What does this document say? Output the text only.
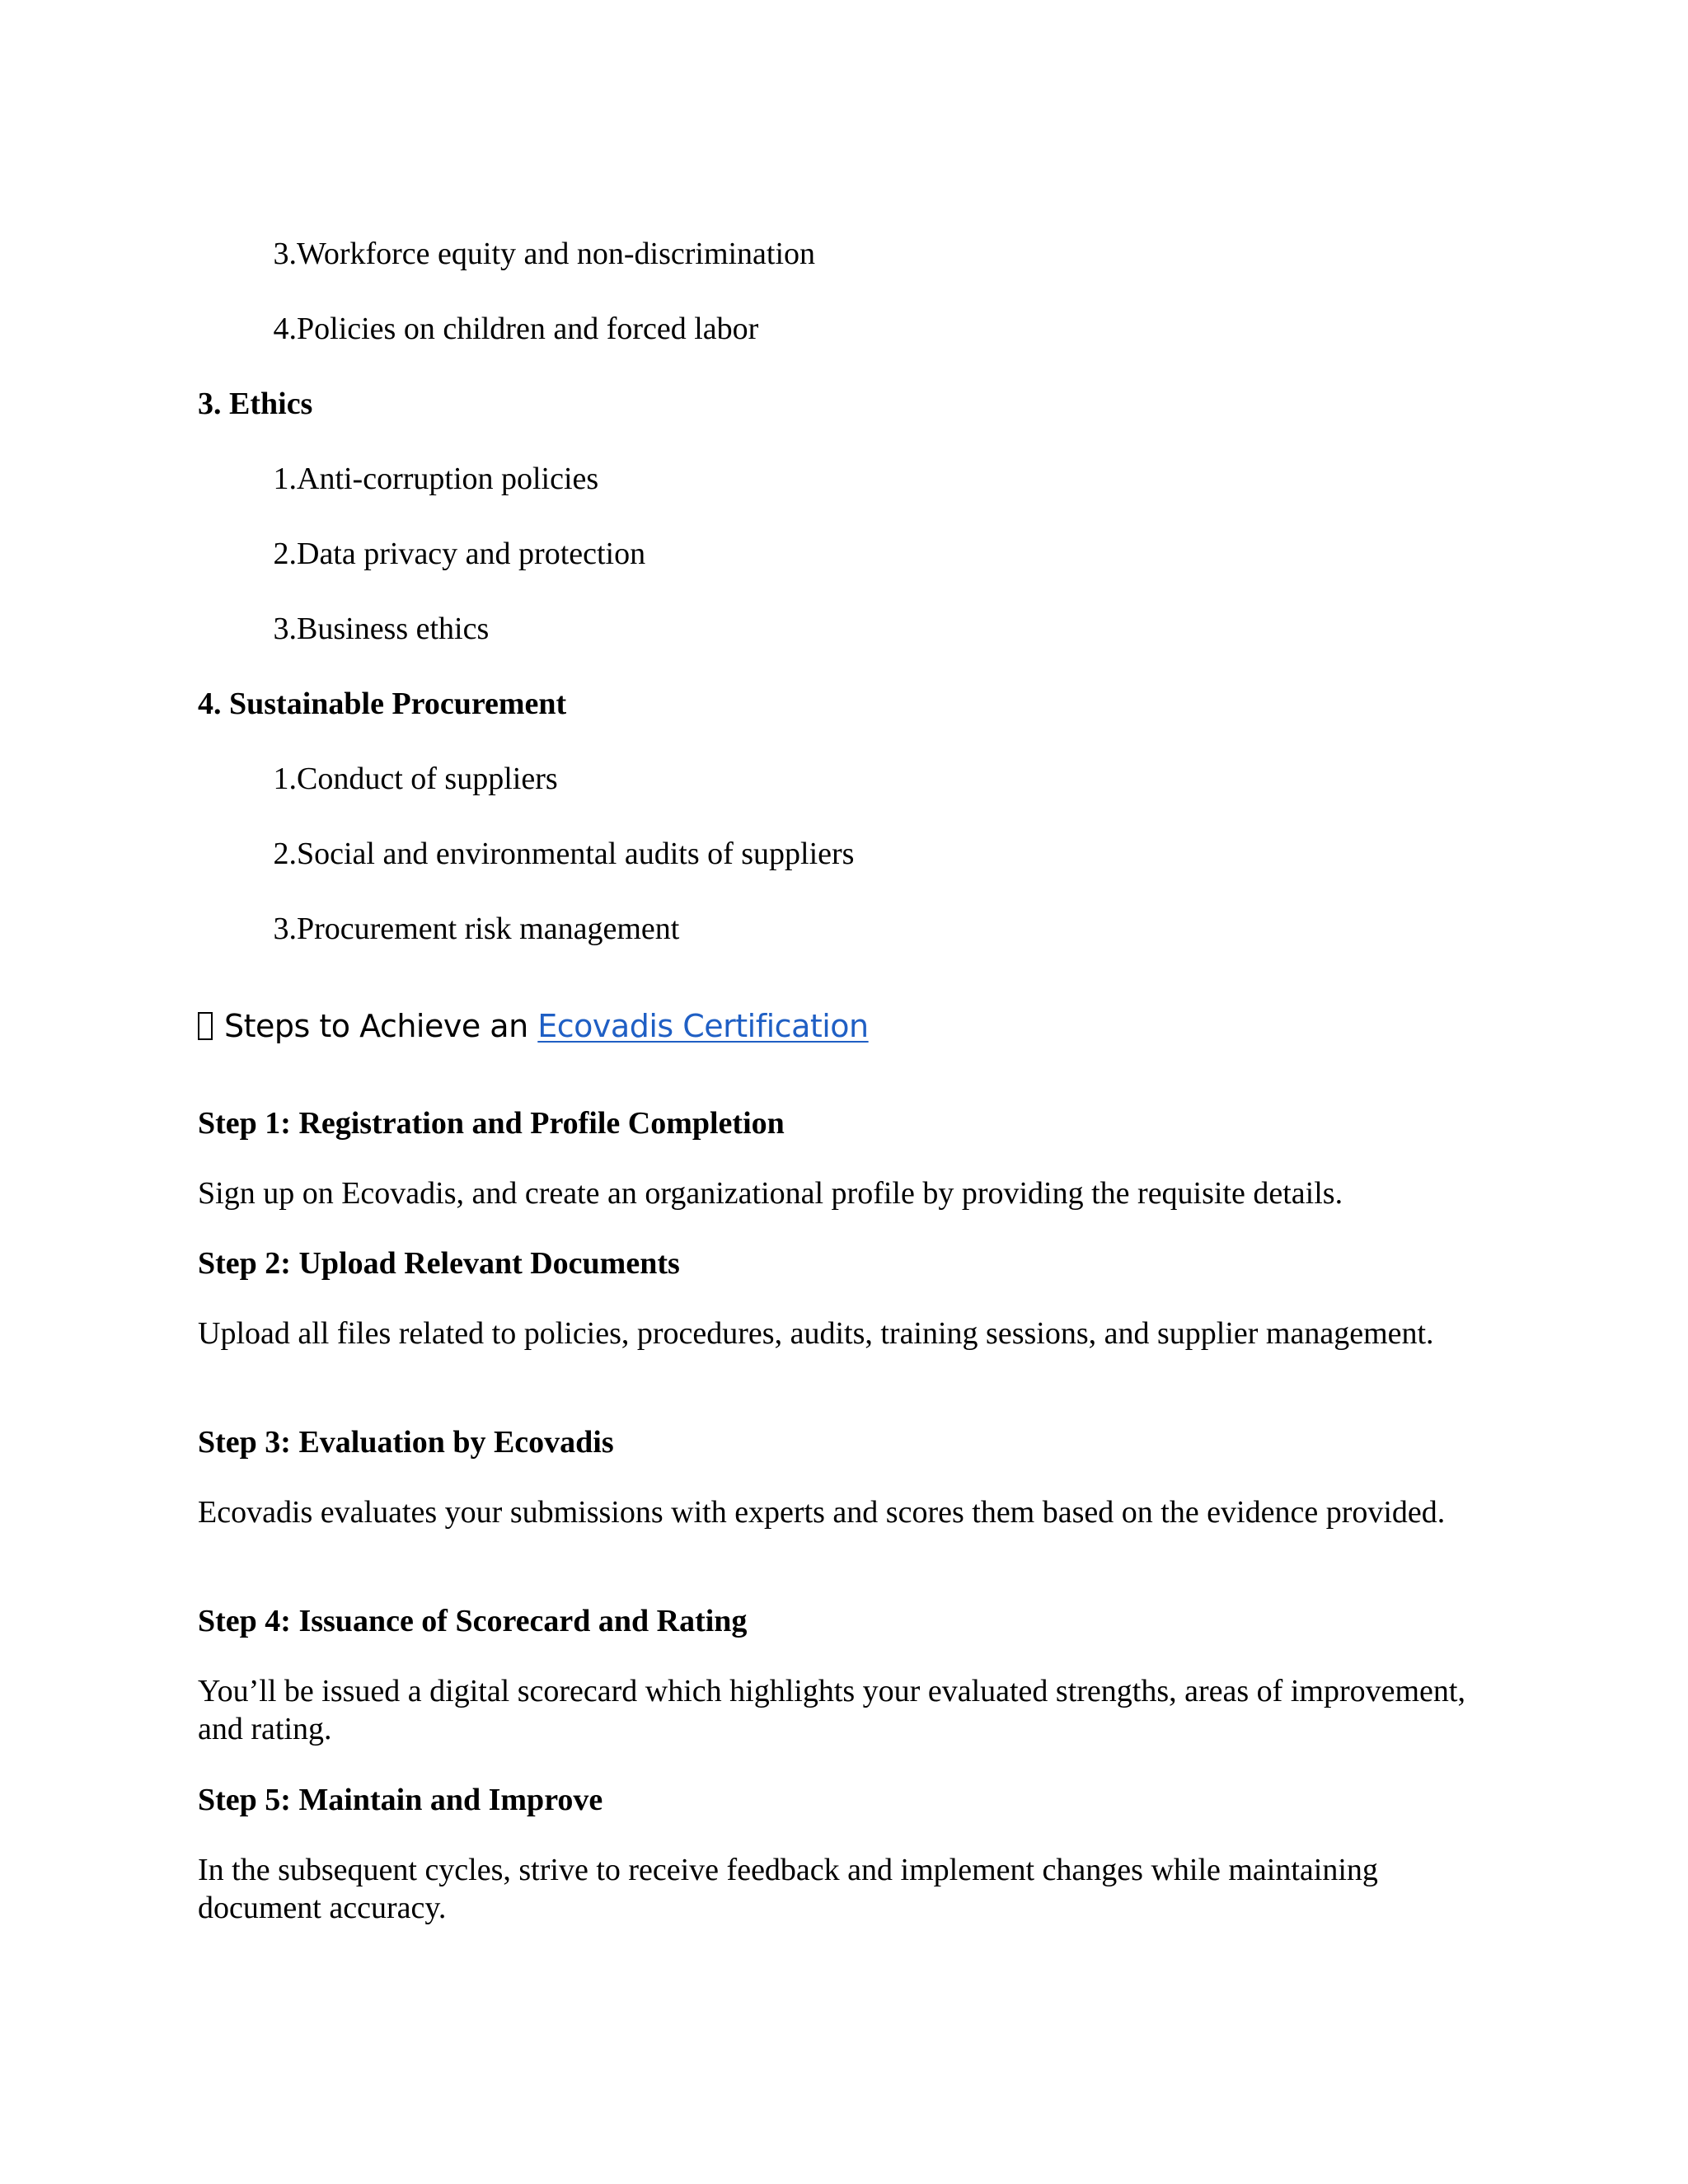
3. Workforce equity and non-discrimination
4. Policies on children and forced labor
3. Ethics
1. Anti-corruption policies
2. Data privacy and protection
3. Business ethics
4. Sustainable Procurement
1. Conduct of suppliers
2. Social and environmental audits of suppliers
3. Procurement risk management
Steps to Achieve an Ecovadis Certification
Step 1: Registration and Profile Completion
Sign up on Ecovadis, and create an organizational profile by providing the requisite details.
Step 2: Upload Relevant Documents
Upload all files related to policies, procedures, audits, training sessions, and supplier management.
Step 3: Evaluation by Ecovadis
Ecovadis evaluates your submissions with experts and scores them based on the evidence provided.
Step 4: Issuance of Scorecard and Rating
You’ll be issued a digital scorecard which highlights your evaluated strengths, areas of improvement, and rating.
Step 5: Maintain and Improve
In the subsequent cycles, strive to receive feedback and implement changes while maintaining document accuracy.
